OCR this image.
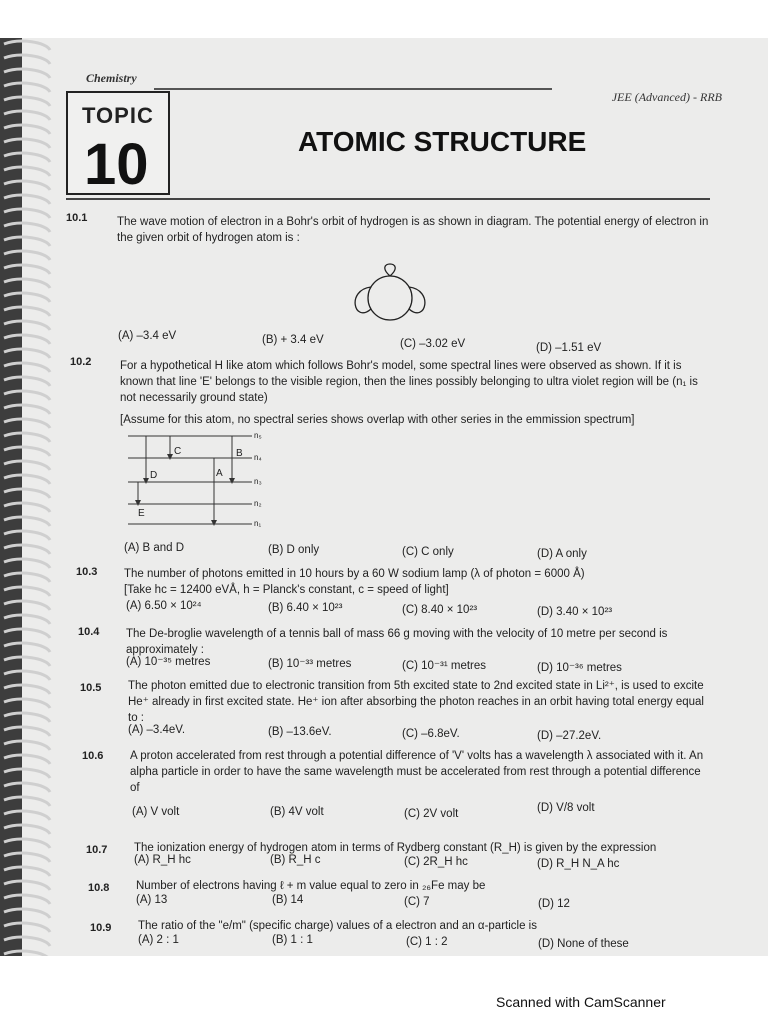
Chemistry
JEE (Advanced) - RRB
TOPIC
10	ATOMIC STRUCTURE
10.1	The wave motion of electron in a Bohr's orbit of hydrogen is as shown in diagram. The potential energy of electron in the given orbit of hydrogen atom is :
(A) –3.4 eV	(B) + 3.4 eV	(C) –3.02 eV	(D) –1.51 eV
10.2 For a hypothetical H like atom which follows Bohr's model, some spectral lines were observed as shown. If it is known that line 'E' belongs to the visible region, then the lines possibly belonging to ultra violet region will be (n₁ is not necessarily ground state)
[Assume for this atom, no spectral series shows overlap with other series in the emmission spectrum]
n₅
n₄
n₃
n₂
n₁
C	B
D	A
E
(A) B and D	(B) D only	(C) C only	(D) A only
10.3 The number of photons emitted in 10 hours by a 60 W sodium lamp (λ of photon = 6000 Å)
[Take hc = 12400 eVÅ, h = Planck's constant, c = speed of light]
(A) 6.50 × 10²⁴	(B) 6.40 × 10²³	(C) 8.40 × 10²³	(D) 3.40 × 10²³
10.4 The De-broglie wavelength of a tennis ball of mass 66 g moving with the velocity of 10 metre per second is approximately :
(A) 10⁻³⁵ metres	(B) 10⁻³³ metres	(C) 10⁻³¹ metres	(D) 10⁻³⁶ metres
10.5 The photon emitted due to electronic transition from 5th excited state to 2nd excited state in Li²⁺, is used to excite He⁺ already in first excited state. He⁺ ion after absorbing the photon reaches in an orbit having total energy equal to :
(A) –3.4eV.	(B) –13.6eV.	(C) –6.8eV.	(D) –27.2eV.
10.6 A proton accelerated from rest through a potential difference of 'V' volts has a wavelength λ associated with it. An alpha particle in order to have the same wavelength must be accelerated from rest through a potential difference of
(A) V volt	(B) 4V volt	(C) 2V volt	(D) V/8 volt
10.7 The ionization energy of hydrogen atom in terms of Rydberg constant (R_H) is given by the expression
(A) R_H hc	(B) R_H c	(C) 2R_H hc	(D) R_H N_A hc
10.8 Number of electrons having ℓ + m value equal to zero in ₂₆Fe may be
(A) 13	(B) 14	(C) 7	(D) 12
10.9 The ratio of the "e/m" (specific charge) values of a electron and an α-particle is
(A) 2 : 1	(B) 1 : 1	(C) 1 : 2	(D) None of these
Scanned with CamScanner
